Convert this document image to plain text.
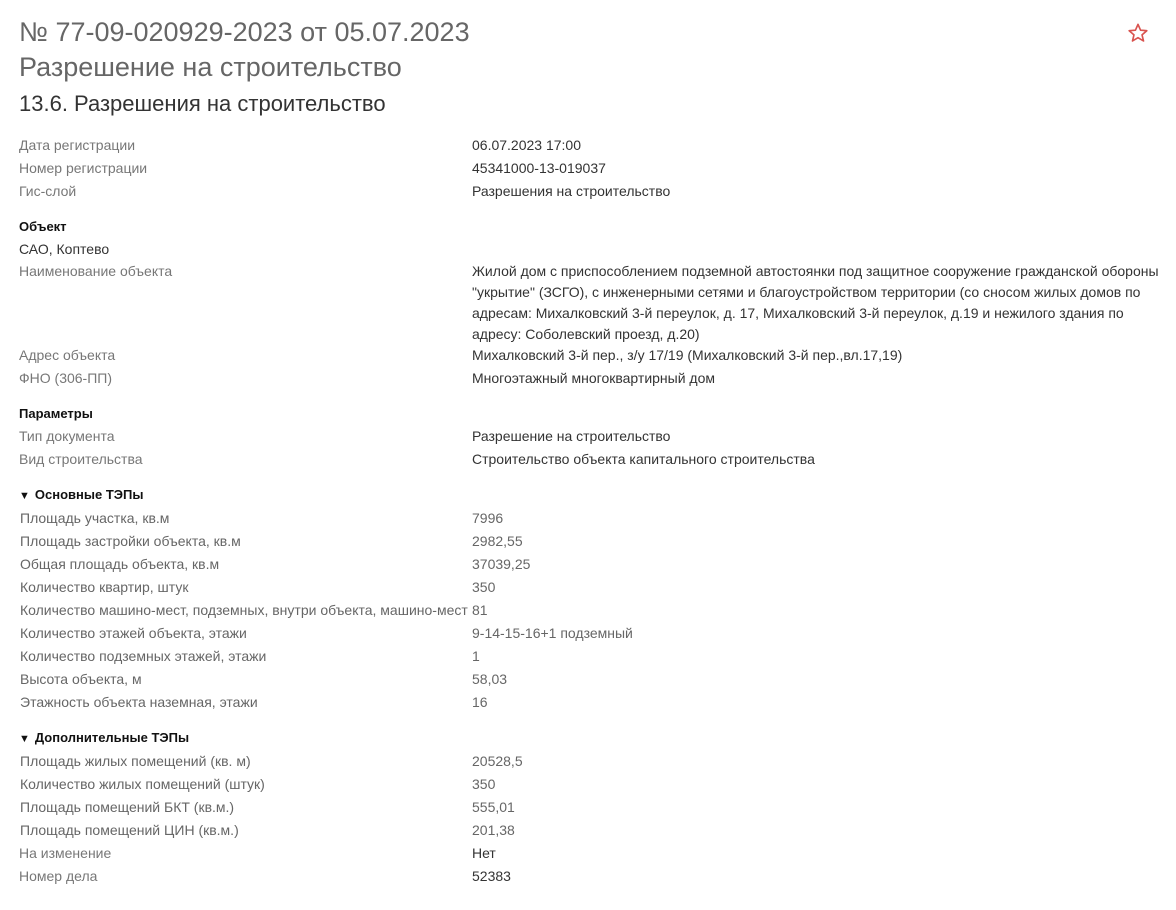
№ 77-09-020929-2023 от 05.07.2023
Разрешение на строительство
13.6. Разрешения на строительство
Дата регистрации	06.07.2023 17:00
Номер регистрации	45341000-13-019037
Гис-слой	Разрешения на строительство
Объект
САО, Коптево
Наименование объекта	Жилой дом с приспособлением подземной автостоянки под защитное сооружение гражданской обороны "укрытие" (ЗСГО), с инженерными сетями и благоустройством территории (со сносом жилых домов по адресам: Михалковский 3-й переулок, д. 17, Михалковский 3-й переулок, д.19 и нежилого здания по адресу: Соболевский проезд, д.20)
Адрес объекта	Михалковский 3-й пер., з/у 17/19 (Михалковский 3-й пер.,вл.17,19)
ФНО (306-ПП)	Многоэтажный многоквартирный дом
Параметры
Тип документа	Разрешение на строительство
Вид строительства	Строительство объекта капитального строительства
▼ Основные ТЭПы
Площадь участка, кв.м	7996
Площадь застройки объекта, кв.м	2982,55
Общая площадь объекта, кв.м	37039,25
Количество квартир, штук	350
Количество машино-мест, подземных, внутри объекта, машино-мест 81
Количество этажей объекта, этажи	9-14-15-16+1 подземный
Количество подземных этажей, этажи	1
Высота объекта, м	58,03
Этажность объекта наземная, этажи	16
▼ Дополнительные ТЭПы
Площадь жилых помещений (кв. м)	20528,5
Количество жилых помещений (штук)	350
Площадь помещений БКТ (кв.м.)	555,01
Площадь помещений ЦИН (кв.м.)	201,38
На изменение	Нет
Номер дела	52383
